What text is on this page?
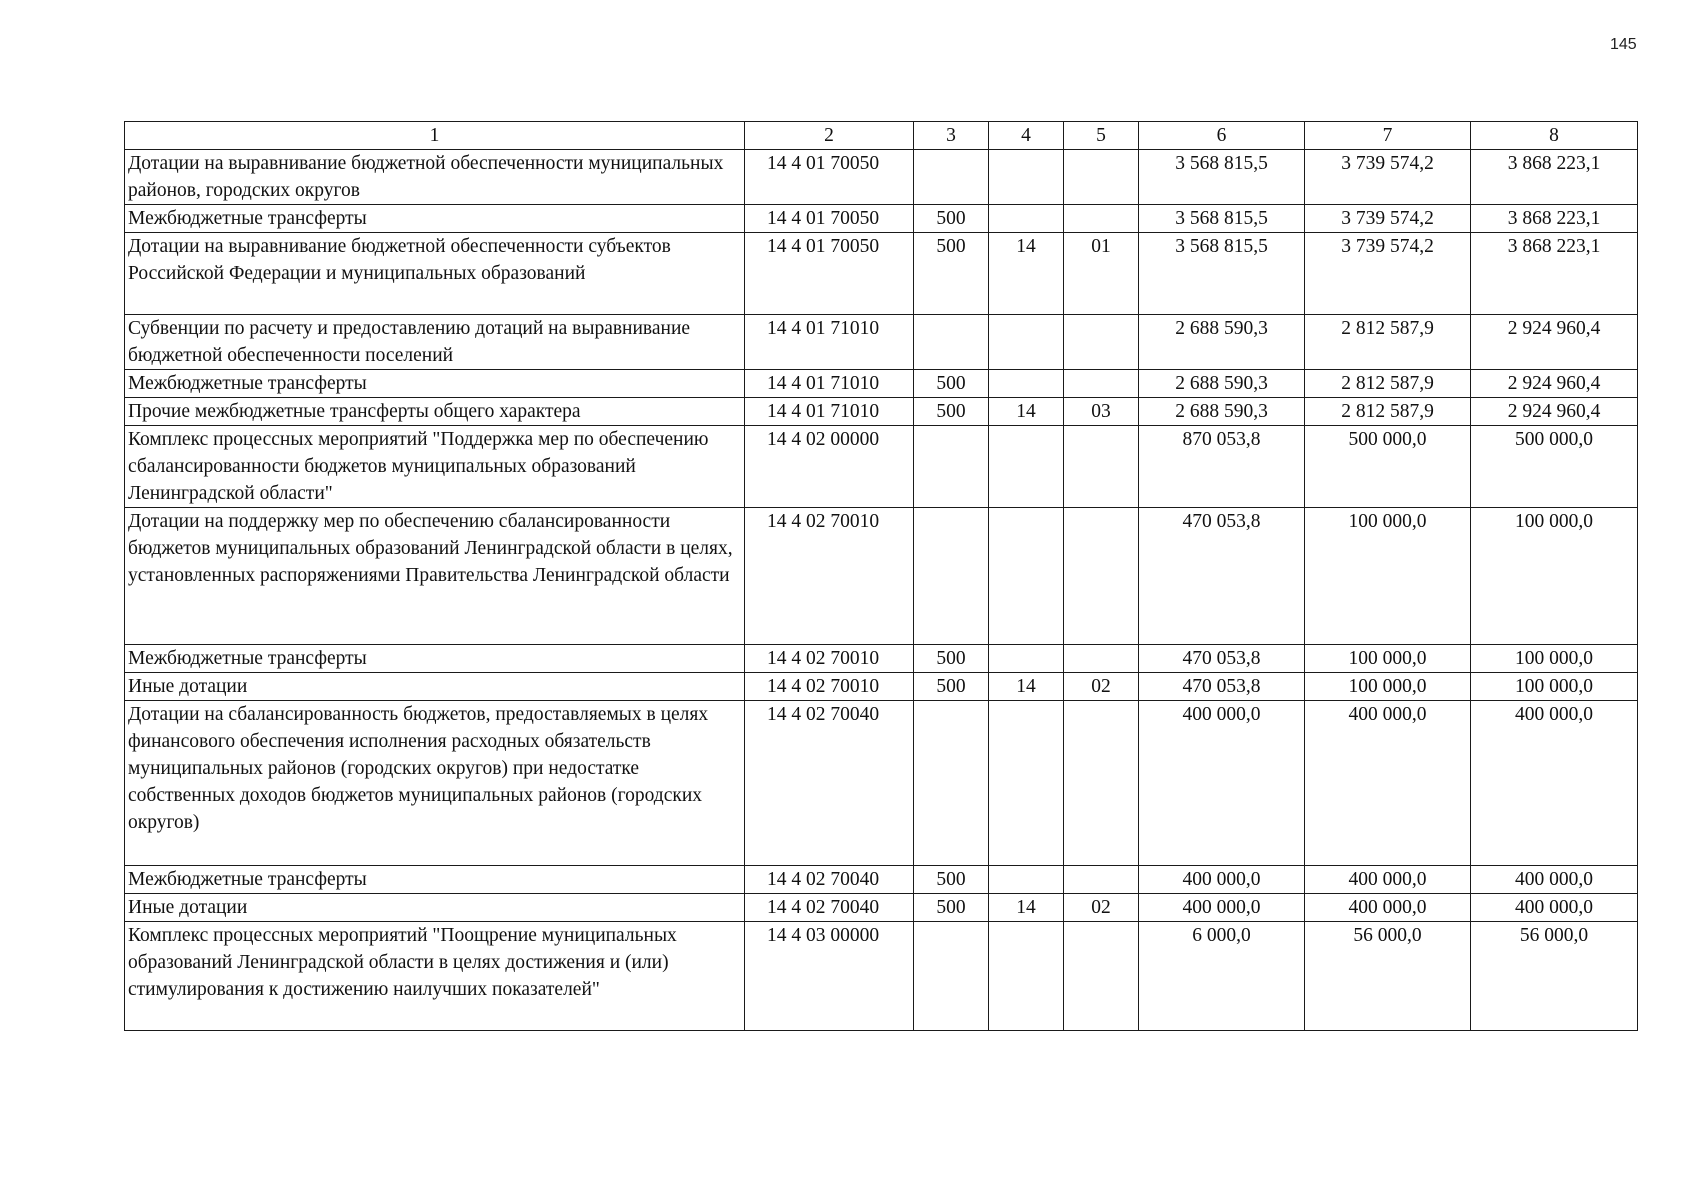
145
1	2	3	4	5	6	7	8
Дотации на выравнивание бюджетной обеспеченности муниципальных районов, городских округов	14 4 01 70050				3 568 815,5	3 739 574,2	3 868 223,1
Межбюджетные трансферты	14 4 01 70050	500			3 568 815,5	3 739 574,2	3 868 223,1
Дотации на выравнивание бюджетной обеспеченности субъектов Российской Федерации и муниципальных образований	14 4 01 70050	500	14	01	3 568 815,5	3 739 574,2	3 868 223,1
Субвенции по расчету и предоставлению дотаций на выравнивание бюджетной обеспеченности поселений	14 4 01 71010				2 688 590,3	2 812 587,9	2 924 960,4
Межбюджетные трансферты	14 4 01 71010	500			2 688 590,3	2 812 587,9	2 924 960,4
Прочие межбюджетные трансферты общего характера	14 4 01 71010	500	14	03	2 688 590,3	2 812 587,9	2 924 960,4
Комплекс процессных мероприятий "Поддержка мер по обеспечению сбалансированности бюджетов муниципальных образований Ленинградской области"	14 4 02 00000				870 053,8	500 000,0	500 000,0
Дотации на поддержку мер по обеспечению сбалансированности бюджетов муниципальных образований Ленинградской области в целях, установленных распоряжениями Правительства Ленинградской области	14 4 02 70010				470 053,8	100 000,0	100 000,0
Межбюджетные трансферты	14 4 02 70010	500			470 053,8	100 000,0	100 000,0
Иные дотации	14 4 02 70010	500	14	02	470 053,8	100 000,0	100 000,0
Дотации на сбалансированность бюджетов, предоставляемых в целях финансового обеспечения исполнения расходных обязательств муниципальных районов (городских округов) при недостатке собственных доходов бюджетов муниципальных районов (городских округов)	14 4 02 70040				400 000,0	400 000,0	400 000,0
Межбюджетные трансферты	14 4 02 70040	500			400 000,0	400 000,0	400 000,0
Иные дотации	14 4 02 70040	500	14	02	400 000,0	400 000,0	400 000,0
Комплекс процессных мероприятий "Поощрение муниципальных образований Ленинградской области в целях достижения и (или) стимулирования к достижению наилучших показателей"	14 4 03 00000				6 000,0	56 000,0	56 000,0
